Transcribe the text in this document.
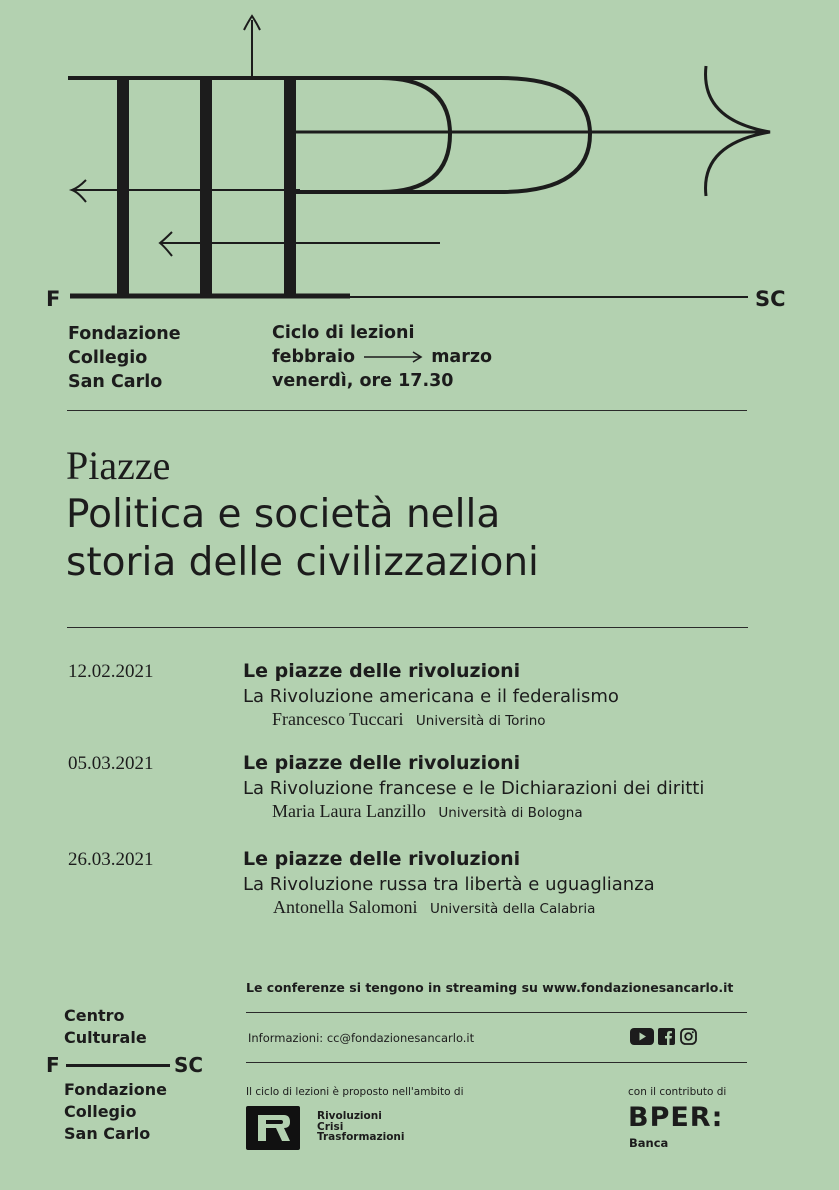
F	SC
Fondazione
Collegio
San Carlo
Ciclo di lezioni
febbraio	marzo
venerdì, ore 17.30
Piazze
Politica e società nella
storia delle civilizzazioni
12.02.2021	Le piazze delle rivoluzioni
La Rivoluzione americana e il federalismo
Francesco Tuccari Università di Torino
05.03.2021	Le piazze delle rivoluzioni
La Rivoluzione francese e le Dichiarazioni dei diritti
Maria Laura Lanzillo Università di Bologna
26.03.2021	Le piazze delle rivoluzioni
La Rivoluzione russa tra libertà e uguaglianza
Antonella Salomoni Università della Calabria
Le conferenze si tengono in streaming su www.fondazionesancarlo.it
Informazioni: cc@fondazionesancarlo.it

Centro
Culturale
F	SC
Fondazione
Collegio
San Carlo
Il ciclo di lezioni è proposto nell'ambito di
Rivoluzioni
Crisi
Trasformazioni
con il contributo di
BPER:
Banca
